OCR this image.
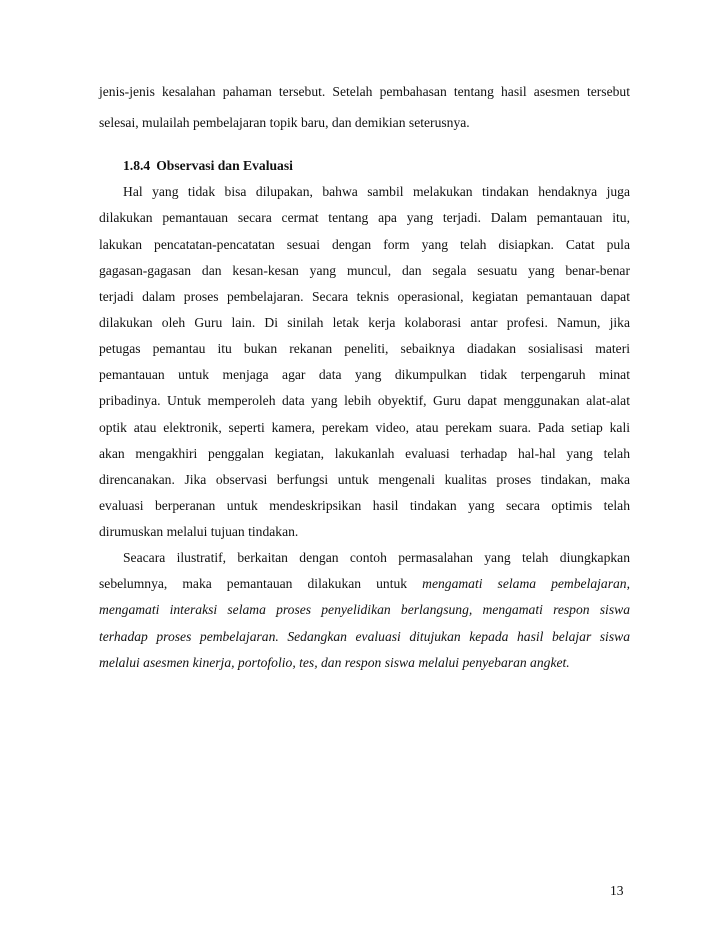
jenis-jenis kesalahan pahaman tersebut. Setelah pembahasan tentang hasil asesmen tersebut
selesai, mulailah pembelajaran topik baru, dan demikian seterusnya.
1.8.4 Observasi dan Evaluasi
Hal yang tidak bisa dilupakan, bahwa sambil melakukan tindakan hendaknya juga
dilakukan pemantauan secara cermat tentang apa yang terjadi. Dalam pemantauan itu,
lakukan pencatatan-pencatatan sesuai dengan form yang telah disiapkan. Catat pula
gagasan-gagasan dan kesan-kesan yang muncul, dan segala sesuatu yang benar-benar
terjadi dalam proses pembelajaran. Secara teknis operasional, kegiatan pemantauan dapat
dilakukan oleh Guru lain. Di sinilah letak kerja kolaborasi antar profesi. Namun, jika
petugas pemantau itu bukan rekanan peneliti, sebaiknya diadakan sosialisasi materi
pemantauan untuk menjaga agar data yang dikumpulkan tidak terpengaruh minat
pribadinya. Untuk memperoleh data yang lebih obyektif, Guru dapat menggunakan alat-alat
optik atau elektronik, seperti kamera, perekam video, atau perekam suara. Pada setiap kali
akan mengakhiri penggalan kegiatan, lakukanlah evaluasi terhadap hal-hal yang telah
direncanakan. Jika observasi berfungsi untuk mengenali kualitas proses tindakan, maka
evaluasi berperanan untuk mendeskripsikan hasil tindakan yang secara optimis telah
dirumuskan melalui tujuan tindakan.
Seacara ilustratif, berkaitan dengan contoh permasalahan yang telah diungkapkan
sebelumnya, maka pemantauan dilakukan untuk mengamati selama pembelajaran,
mengamati interaksi selama proses penyelidikan berlangsung, mengamati respon siswa
terhadap proses pembelajaran. Sedangkan evaluasi ditujukan kepada hasil belajar siswa
melalui asesmen kinerja, portofolio, tes, dan respon siswa melalui penyebaran angket.
13
